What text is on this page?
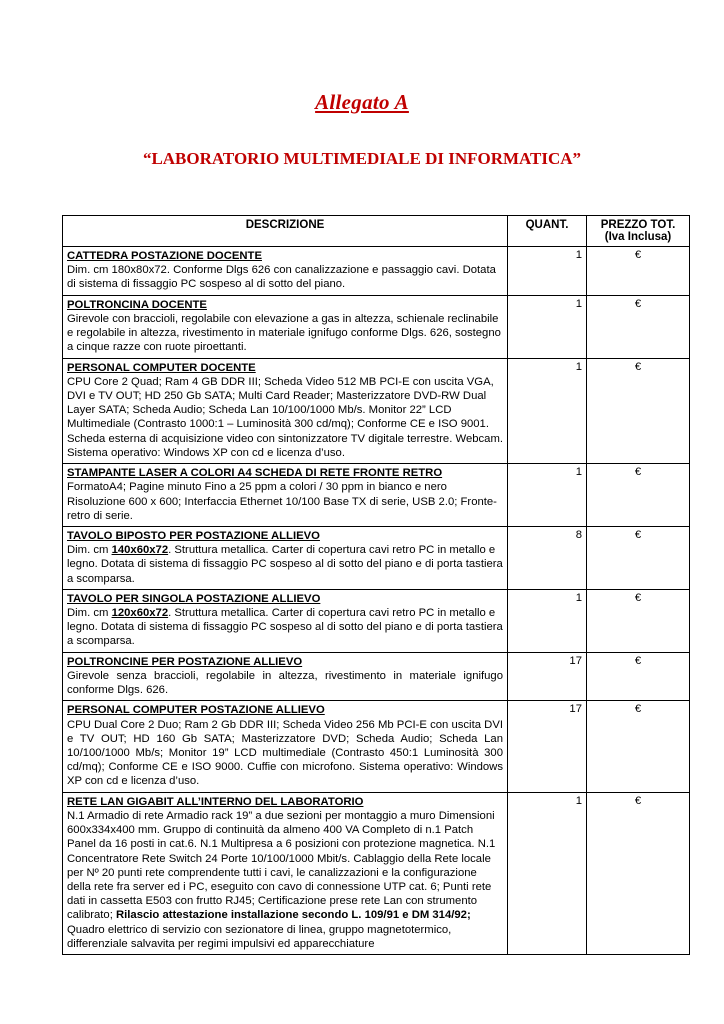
Allegato A
“LABORATORIO MULTIMEDIALE DI INFORMATICA”
DESCRIZIONE	QUANT.	PREZZO TOT.
(Iva Inclusa)

CATTEDRA POSTAZIONE DOCENTE
Dim. cm 180x80x72. Conforme Dlgs 626 con canalizzazione e passaggio cavi. Dotata di sistema di fissaggio PC sospeso al di sotto del piano.	1	€

POLTRONCINA DOCENTE
Girevole con braccioli, regolabile con elevazione a gas in altezza, schienale reclinabile e regolabile in altezza, rivestimento in materiale ignifugo conforme Dlgs. 626, sostegno a cinque razze con ruote piroettanti.	1	€

PERSONAL COMPUTER DOCENTE
CPU Core 2 Quad; Ram 4 GB DDR III; Scheda Video 512 MB PCI-E con uscita VGA, DVI e TV OUT; HD 250 Gb SATA; Multi Card Reader; Masterizzatore DVD-RW Dual Layer SATA; Scheda Audio; Scheda Lan 10/100/1000 Mb/s. Monitor 22” LCD Multimediale (Contrasto 1000:1 – Luminosità 300 cd/mq); Conforme CE e ISO 9001. Scheda esterna di acquisizione video con sintonizzatore TV digitale terrestre. Webcam. Sistema operativo: Windows XP con cd e licenza d’uso.	1	€

STAMPANTE LASER A COLORI A4 SCHEDA DI RETE FRONTE RETRO
FormatoA4; Pagine minuto Fino a 25 ppm a colori / 30 ppm in bianco e nero Risoluzione 600 x 600; Interfaccia Ethernet 10/100 Base TX di serie, USB 2.0; Fronte-retro di serie.	1	€

TAVOLO BIPOSTO PER POSTAZIONE ALLIEVO
Dim. cm 140x60x72. Struttura metallica. Carter di copertura cavi retro PC in metallo e legno. Dotata di sistema di fissaggio PC sospeso al di sotto del piano e di porta tastiera a scomparsa.	8	€

TAVOLO PER SINGOLA POSTAZIONE ALLIEVO
Dim. cm 120x60x72. Struttura metallica. Carter di copertura cavi retro PC in metallo e legno. Dotata di sistema di fissaggio PC sospeso al di sotto del piano e di porta tastiera a scomparsa.	1	€

POLTRONCINE PER POSTAZIONE ALLIEVO
Girevole senza braccioli, regolabile in altezza, rivestimento in materiale ignifugo conforme Dlgs. 626.	17	€

PERSONAL COMPUTER POSTAZIONE ALLIEVO
CPU Dual Core 2 Duo; Ram 2 Gb DDR III; Scheda Video 256 Mb PCI-E con uscita DVI e TV OUT; HD 160 Gb SATA; Masterizzatore DVD; Scheda Audio; Scheda Lan 10/100/1000 Mb/s; Monitor 19” LCD multimediale (Contrasto 450:1 Luminosità 300 cd/mq); Conforme CE e ISO 9000. Cuffie con microfono. Sistema operativo: Windows XP con cd e licenza d’uso.	17	€

RETE LAN GIGABIT ALL’INTERNO DEL LABORATORIO
N.1 Armadio di rete Armadio rack 19” a due sezioni per montaggio a muro Dimensioni 600x334x400 mm. Gruppo di continuità da almeno 400 VA Completo di n.1 Patch Panel da 16 posti in cat.6. N.1 Multipresa a 6 posizioni con protezione magnetica. N.1 Concentratore Rete Switch 24 Porte 10/100/1000 Mbit/s. Cablaggio della Rete locale per Nº 20 punti rete comprendente tutti i cavi, le canalizzazioni e la configurazione della rete fra server ed i PC, eseguito con cavo di connessione UTP cat. 6; Punti rete dati in cassetta E503 con frutto RJ45; Certificazione prese rete Lan con strumento calibrato; Rilascio attestazione installazione secondo L. 109/91 e DM 314/92; Quadro elettrico di servizio con sezionatore di linea, gruppo magnetotermico, differenziale salvavita per regimi impulsivi ed apparecchiature	1	€
